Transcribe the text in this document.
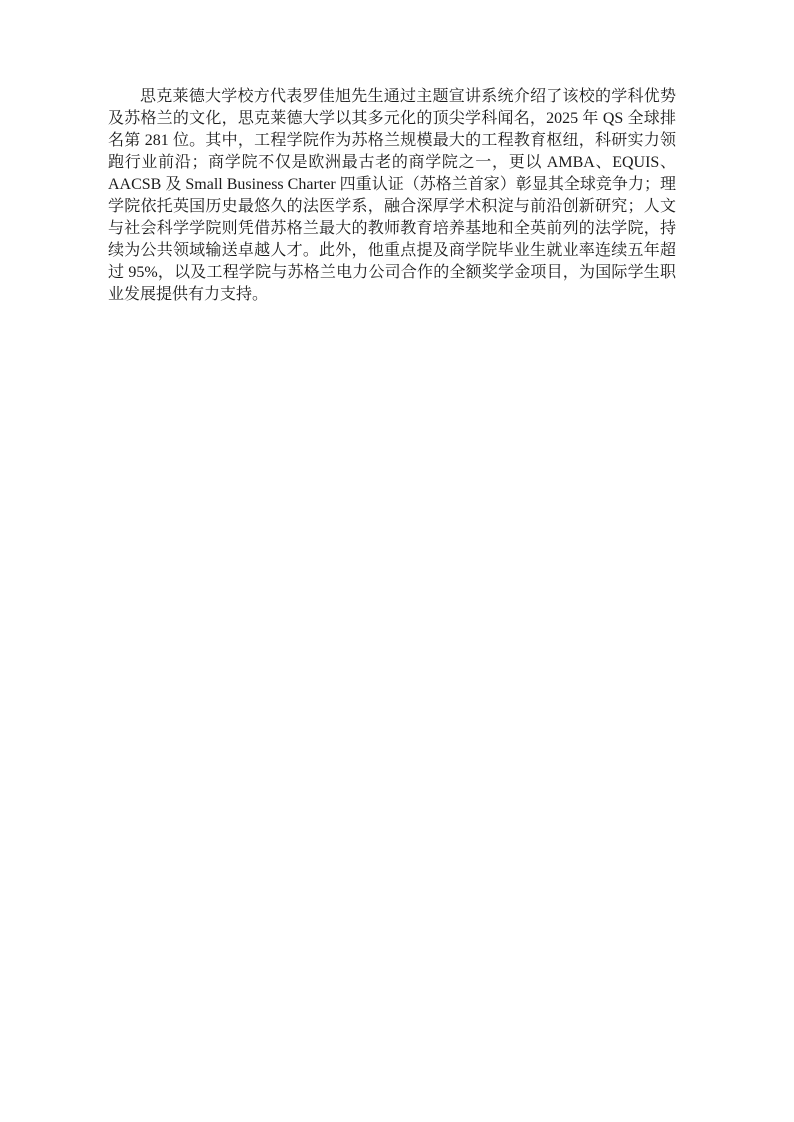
思克莱德大学校方代表罗佳旭先生通过主题宣讲系统介绍了该校的学科优势及苏格兰的文化，思克莱德大学以其多元化的顶尖学科闻名，2025 年 QS 全球排名第 281 位。其中，工程学院作为苏格兰规模最大的工程教育枢纽，科研实力领跑行业前沿；商学院不仅是欧洲最古老的商学院之一，更以 AMBA、EQUIS、AACSB 及 Small Business Charter 四重认证（苏格兰首家）彰显其全球竞争力；理学院依托英国历史最悠久的法医学系，融合深厚学术积淀与前沿创新研究；人文与社会科学学院则凭借苏格兰最大的教师教育培养基地和全英前列的法学院，持续为公共领域输送卓越人才。此外，他重点提及商学院毕业生就业率连续五年超过 95%，以及工程学院与苏格兰电力公司合作的全额奖学金项目，为国际学生职业发展提供有力支持。
